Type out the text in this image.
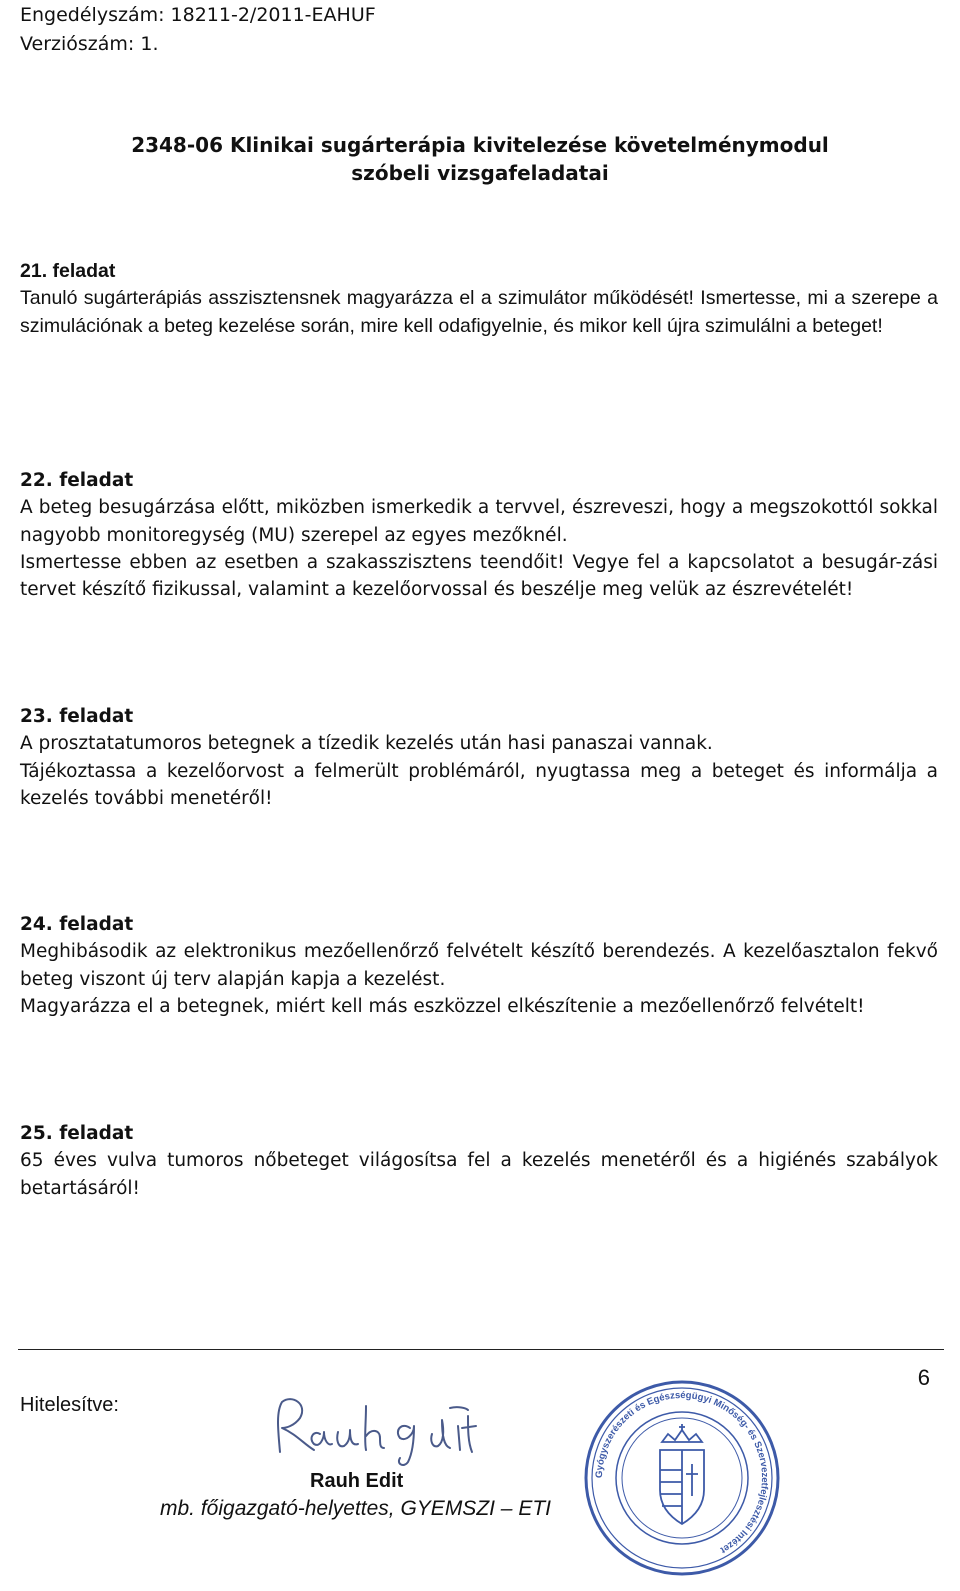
Engedélyszám: 18211-2/2011-EAHUF
Verziószám: 1.
2348-06 Klinikai sugárterápia kivitelezése követelménymodul
szóbeli vizsgafeladatai
21. feladat

Tanuló sugárterápiás asszisztensnek magyarázza el a szimulátor működését! Ismertesse, mi a szerepe a szimulációnak a beteg kezelése során, mire kell odafigyelnie, és mikor kell újra szimulálni a beteget!

22. feladat

A beteg besugárzása előtt, miközben ismerkedik a tervvel, észreveszi, hogy a megszokottól sokkal nagyobb monitoregység (MU) szerepel az egyes mezőknél.

Ismertesse ebben az esetben a szakasszisztens teendőit! Vegye fel a kapcsolatot a besugár-zási tervet készítő fizikussal, valamint a kezelőorvossal és beszélje meg velük az észrevételét!

23. feladat

A prosztatatumoros betegnek a tízedik kezelés után hasi panaszai vannak.

Tájékoztassa a kezelőorvost a felmerült problémáról, nyugtassa meg a beteget és informálja a kezelés további menetéről!

24. feladat

Meghibásodik az elektronikus mezőellenőrző felvételt készítő berendezés. A kezelőasztalon fekvő beteg viszont új terv alapján kapja a kezelést.

Magyarázza el a betegnek, miért kell más eszközzel elkészítenie a mezőellenőrző felvételt!

25. feladat

65 éves vulva tumoros nőbeteget világosítsa fel a kezelés menetéről és a higiénés szabályok betartásáról!

6
Hitelesítve:
Rauh Edit
mb. főigazgató-helyettes, GYEMSZI – ETI
Gyógyszerészeti és Egészségügyi Minőség- és Szervezetfejlesztési Intézet
